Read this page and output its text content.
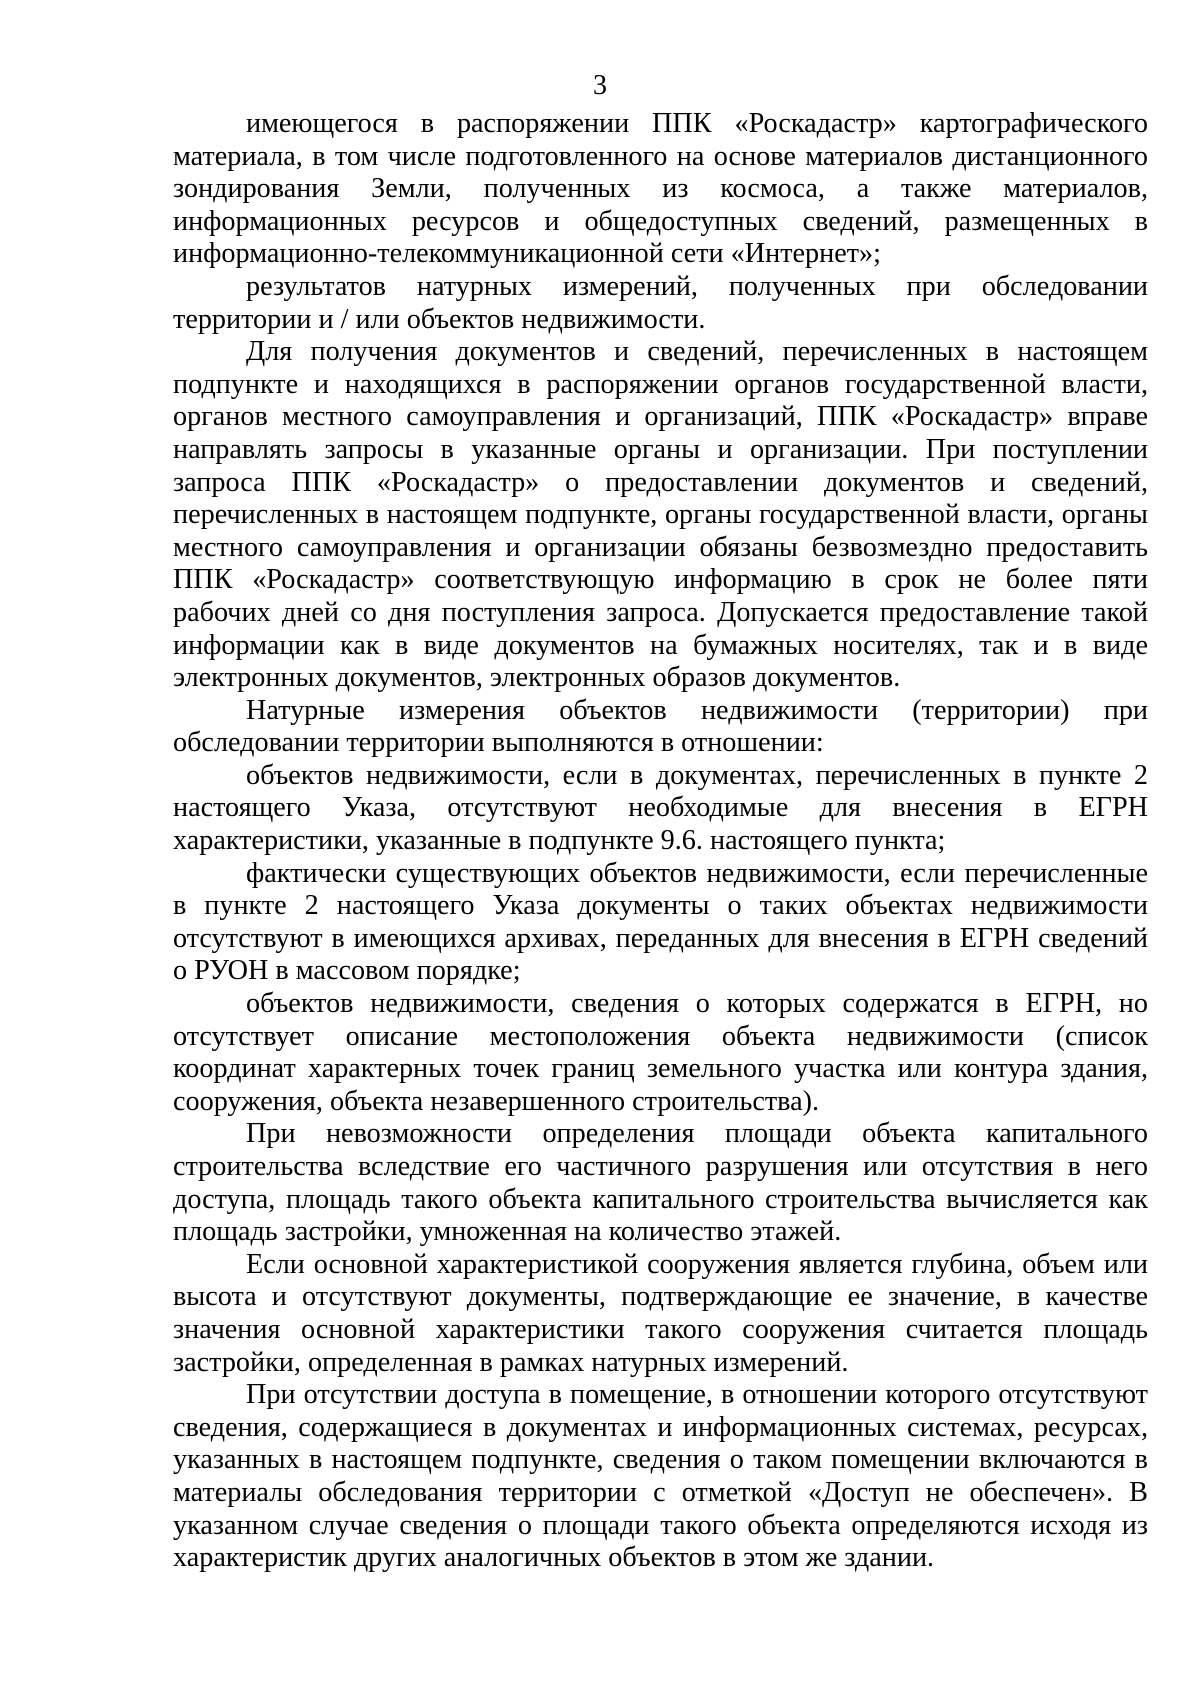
3

имеющегося в распоряжении ППК «Роскадастр» картографического материала, в том числе подготовленного на основе материалов дистанционного зондирования Земли, полученных из космоса, а также материалов, информационных ресурсов и общедоступных сведений, размещенных в информационно-телекоммуникационной сети «Интернет»;

результатов натурных измерений, полученных при обследовании территории и / или объектов недвижимости.

Для получения документов и сведений, перечисленных в настоящем подпункте и находящихся в распоряжении органов государственной власти, органов местного самоуправления и организаций, ППК «Роскадастр» вправе направлять запросы в указанные органы и организации. При поступлении запроса ППК «Роскадастр» о предоставлении документов и сведений, перечисленных в настоящем подпункте, органы государственной власти, органы местного самоуправления и организации обязаны безвозмездно предоставить ППК «Роскадастр» соответствующую информацию в срок не более пяти рабочих дней со дня поступления запроса. Допускается предоставление такой информации как в виде документов на бумажных носителях, так и в виде электронных документов, электронных образов документов.

Натурные измерения объектов недвижимости (территории) при обследовании территории выполняются в отношении:

объектов недвижимости, если в документах, перечисленных в пункте 2 настоящего Указа, отсутствуют необходимые для внесения в ЕГРН характеристики, указанные в подпункте 9.6. настоящего пункта;

фактически существующих объектов недвижимости, если перечисленные в пункте 2 настоящего Указа документы о таких объектах недвижимости отсутствуют в имеющихся архивах, переданных для внесения в ЕГРН сведений о РУОН в массовом порядке;

объектов недвижимости, сведения о которых содержатся в ЕГРН, но отсутствует описание местоположения объекта недвижимости (список координат характерных точек границ земельного участка или контура здания, сооружения, объекта незавершенного строительства).

При невозможности определения площади объекта капитального строительства вследствие его частичного разрушения или отсутствия в него доступа, площадь такого объекта капитального строительства вычисляется как площадь застройки, умноженная на количество этажей.

Если основной характеристикой сооружения является глубина, объем или высота и отсутствуют документы, подтверждающие ее значение, в качестве значения основной характеристики такого сооружения считается площадь застройки, определенная в рамках натурных измерений.

При отсутствии доступа в помещение, в отношении которого отсутствуют сведения, содержащиеся в документах и информационных системах, ресурсах, указанных в настоящем подпункте, сведения о таком помещении включаются в материалы обследования территории с отметкой «Доступ не обеспечен». В указанном случае сведения о площади такого объекта определяются исходя из характеристик других аналогичных объектов в этом же здании.
